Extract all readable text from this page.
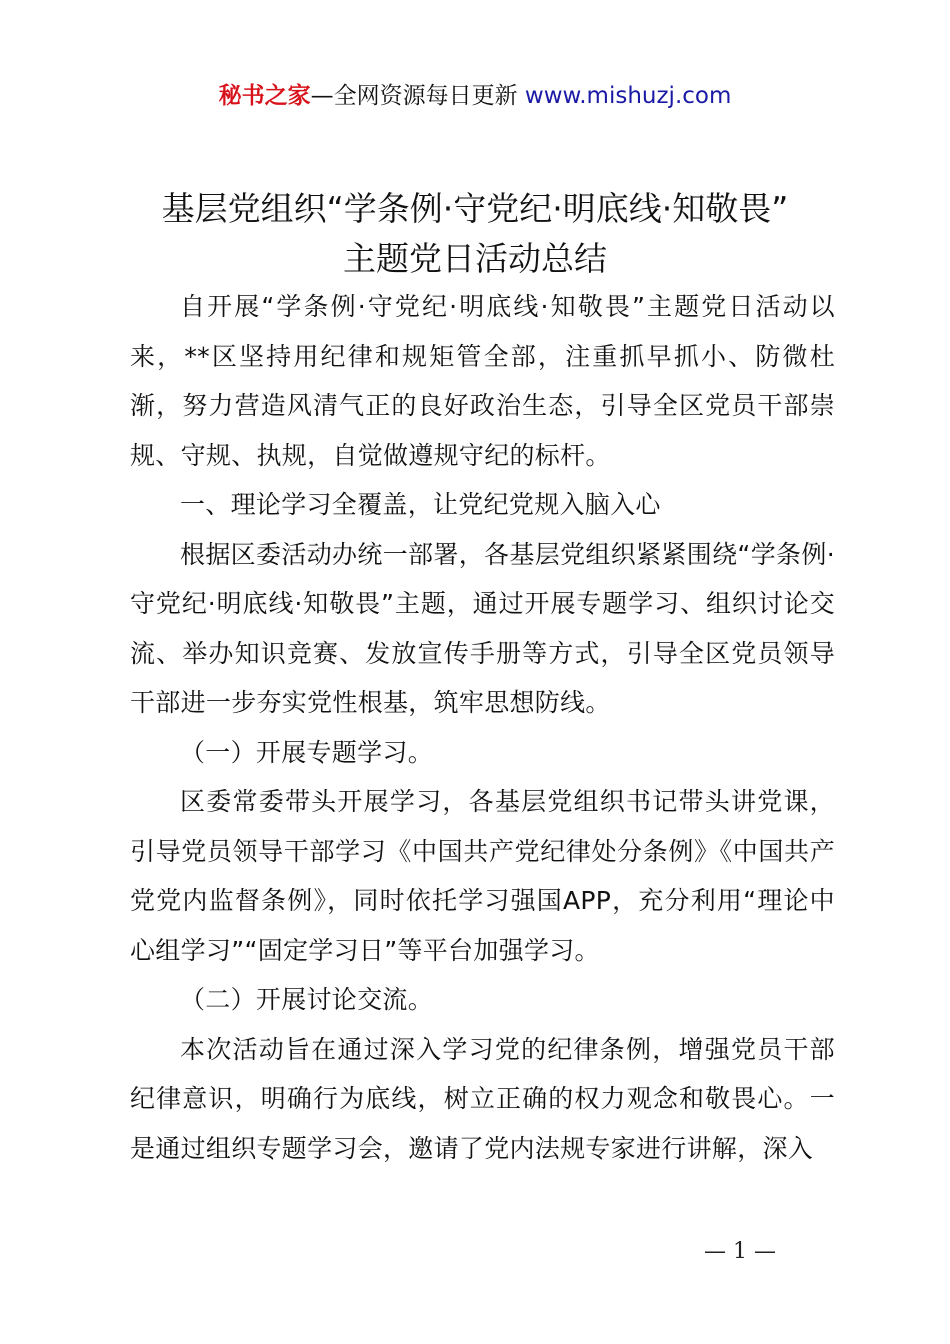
秘书之家—全网资源每日更新 www.mishuzj.com
基层党组织“学条例·守党纪·明底线·知敬畏”
主题党日活动总结

自开展“学条例·守党纪·明底线·知敬畏”主题党日活动以来，**区坚持用纪律和规矩管全部，注重抓早抓小、防微杜渐，努力营造风清气正的良好政治生态，引导全区党员干部崇规、守规、执规，自觉做遵规守纪的标杆。

一、理论学习全覆盖，让党纪党规入脑入心

根据区委活动办统一部署，各基层党组织紧紧围绕“学条例·守党纪·明底线·知敬畏”主题，通过开展专题学习、组织讨论交流、举办知识竞赛、发放宣传手册等方式，引导全区党员领导干部进一步夯实党性根基，筑牢思想防线。

（一）开展专题学习。

区委常委带头开展学习，各基层党组织书记带头讲党课，引导党员领导干部学习《中国共产党纪律处分条例》《中国共产党党内监督条例》，同时依托学习强国APP，充分利用“理论中心组学习”“固定学习日”等平台加强学习。

（二）开展讨论交流。

本次活动旨在通过深入学习党的纪律条例，增强党员干部纪律意识，明确行为底线，树立正确的权力观念和敬畏心。一是通过组织专题学习会，邀请了党内法规专家进行讲解，深入

— 1 —
